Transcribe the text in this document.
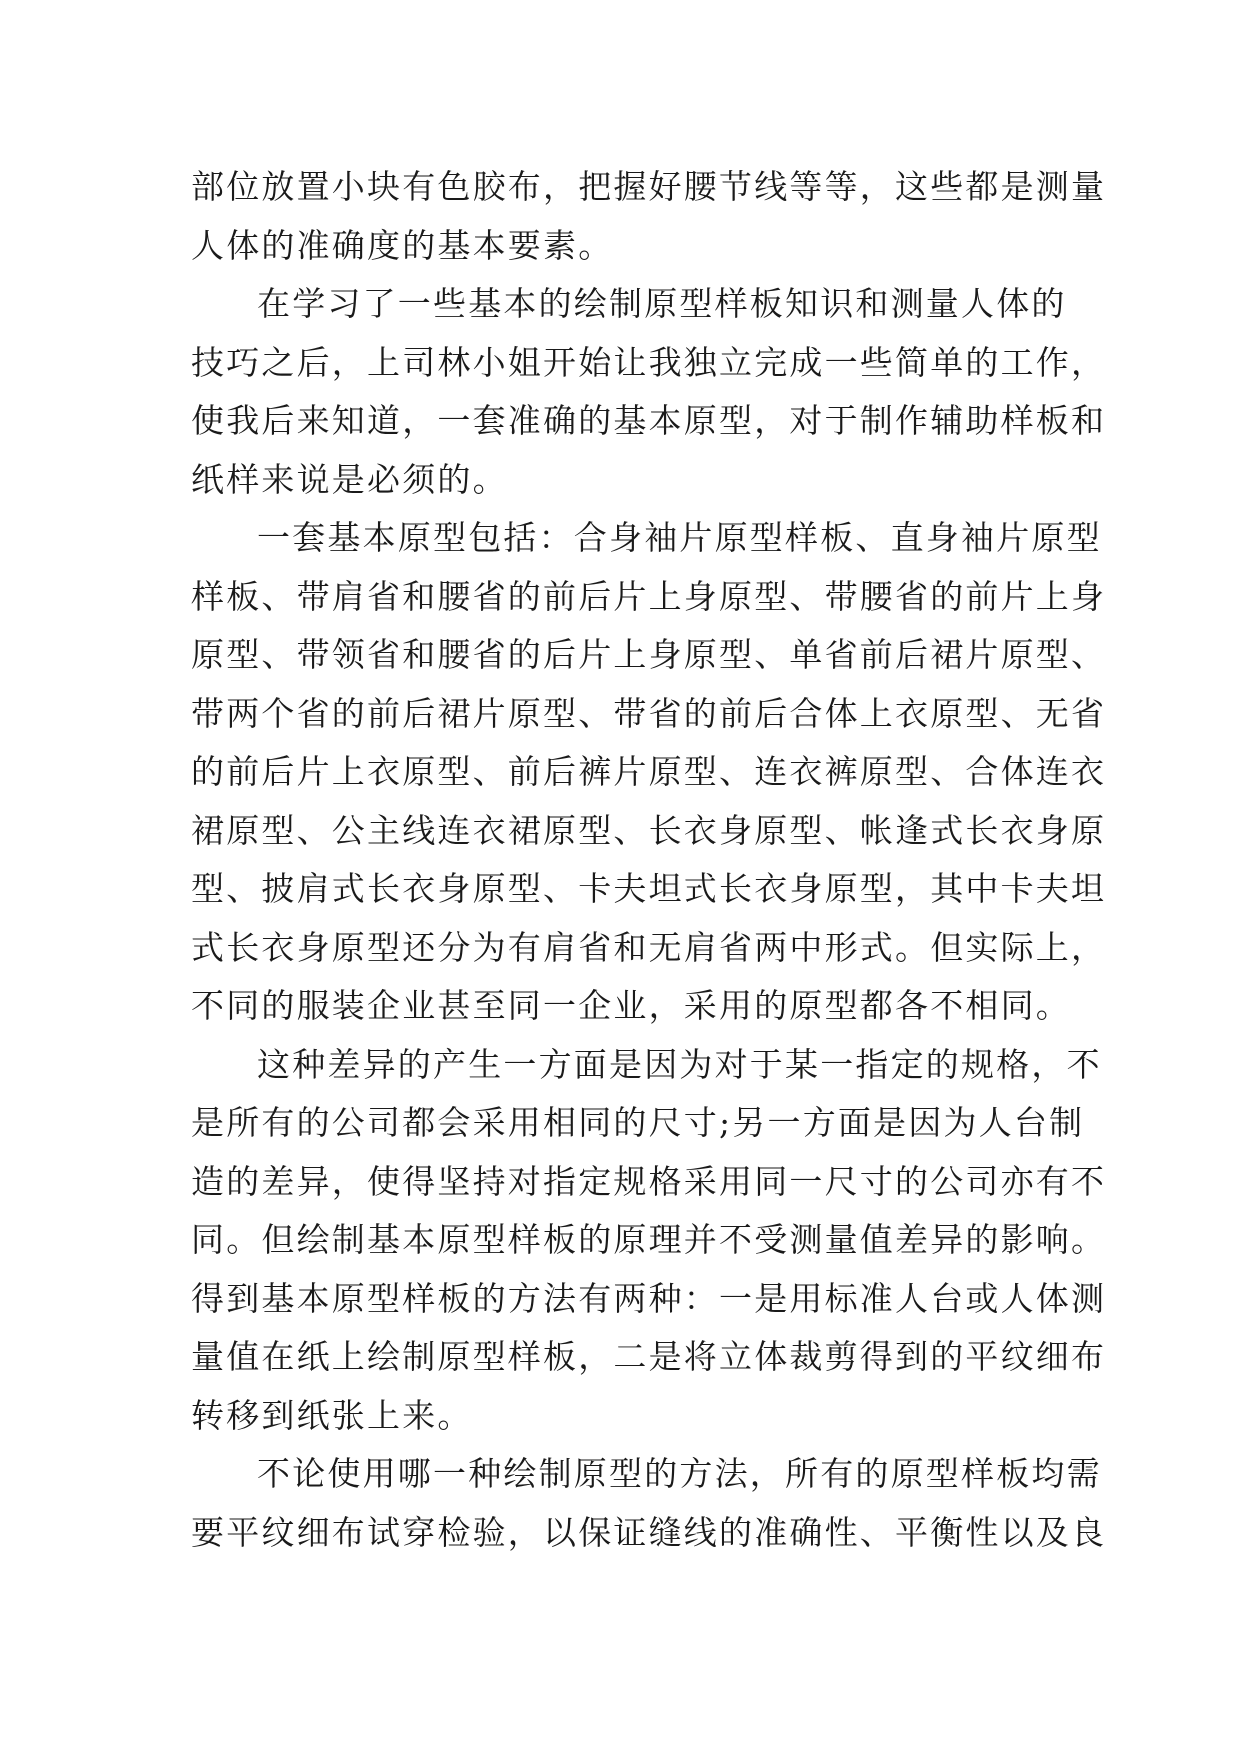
部位放置小块有色胶布，把握好腰节线等等，这些都是测量
人体的准确度的基本要素。
在学习了一些基本的绘制原型样板知识和测量人体的
技巧之后，上司林小姐开始让我独立完成一些简单的工作，
使我后来知道，一套准确的基本原型，对于制作辅助样板和
纸样来说是必须的。
一套基本原型包括：合身袖片原型样板、直身袖片原型
样板、带肩省和腰省的前后片上身原型、带腰省的前片上身
原型、带领省和腰省的后片上身原型、单省前后裙片原型、
带两个省的前后裙片原型、带省的前后合体上衣原型、无省
的前后片上衣原型、前后裤片原型、连衣裤原型、合体连衣
裙原型、公主线连衣裙原型、长衣身原型、帐逢式长衣身原
型、披肩式长衣身原型、卡夫坦式长衣身原型，其中卡夫坦
式长衣身原型还分为有肩省和无肩省两中形式。但实际上，
不同的服装企业甚至同一企业，采用的原型都各不相同。
这种差异的产生一方面是因为对于某一指定的规格，不
是所有的公司都会采用相同的尺寸;另一方面是因为人台制
造的差异，使得坚持对指定规格采用同一尺寸的公司亦有不
同。但绘制基本原型样板的原理并不受测量值差异的影响。
得到基本原型样板的方法有两种：一是用标准人台或人体测
量值在纸上绘制原型样板，二是将立体裁剪得到的平纹细布
转移到纸张上来。
不论使用哪一种绘制原型的方法，所有的原型样板均需
要平纹细布试穿检验，以保证缝线的准确性、平衡性以及良
